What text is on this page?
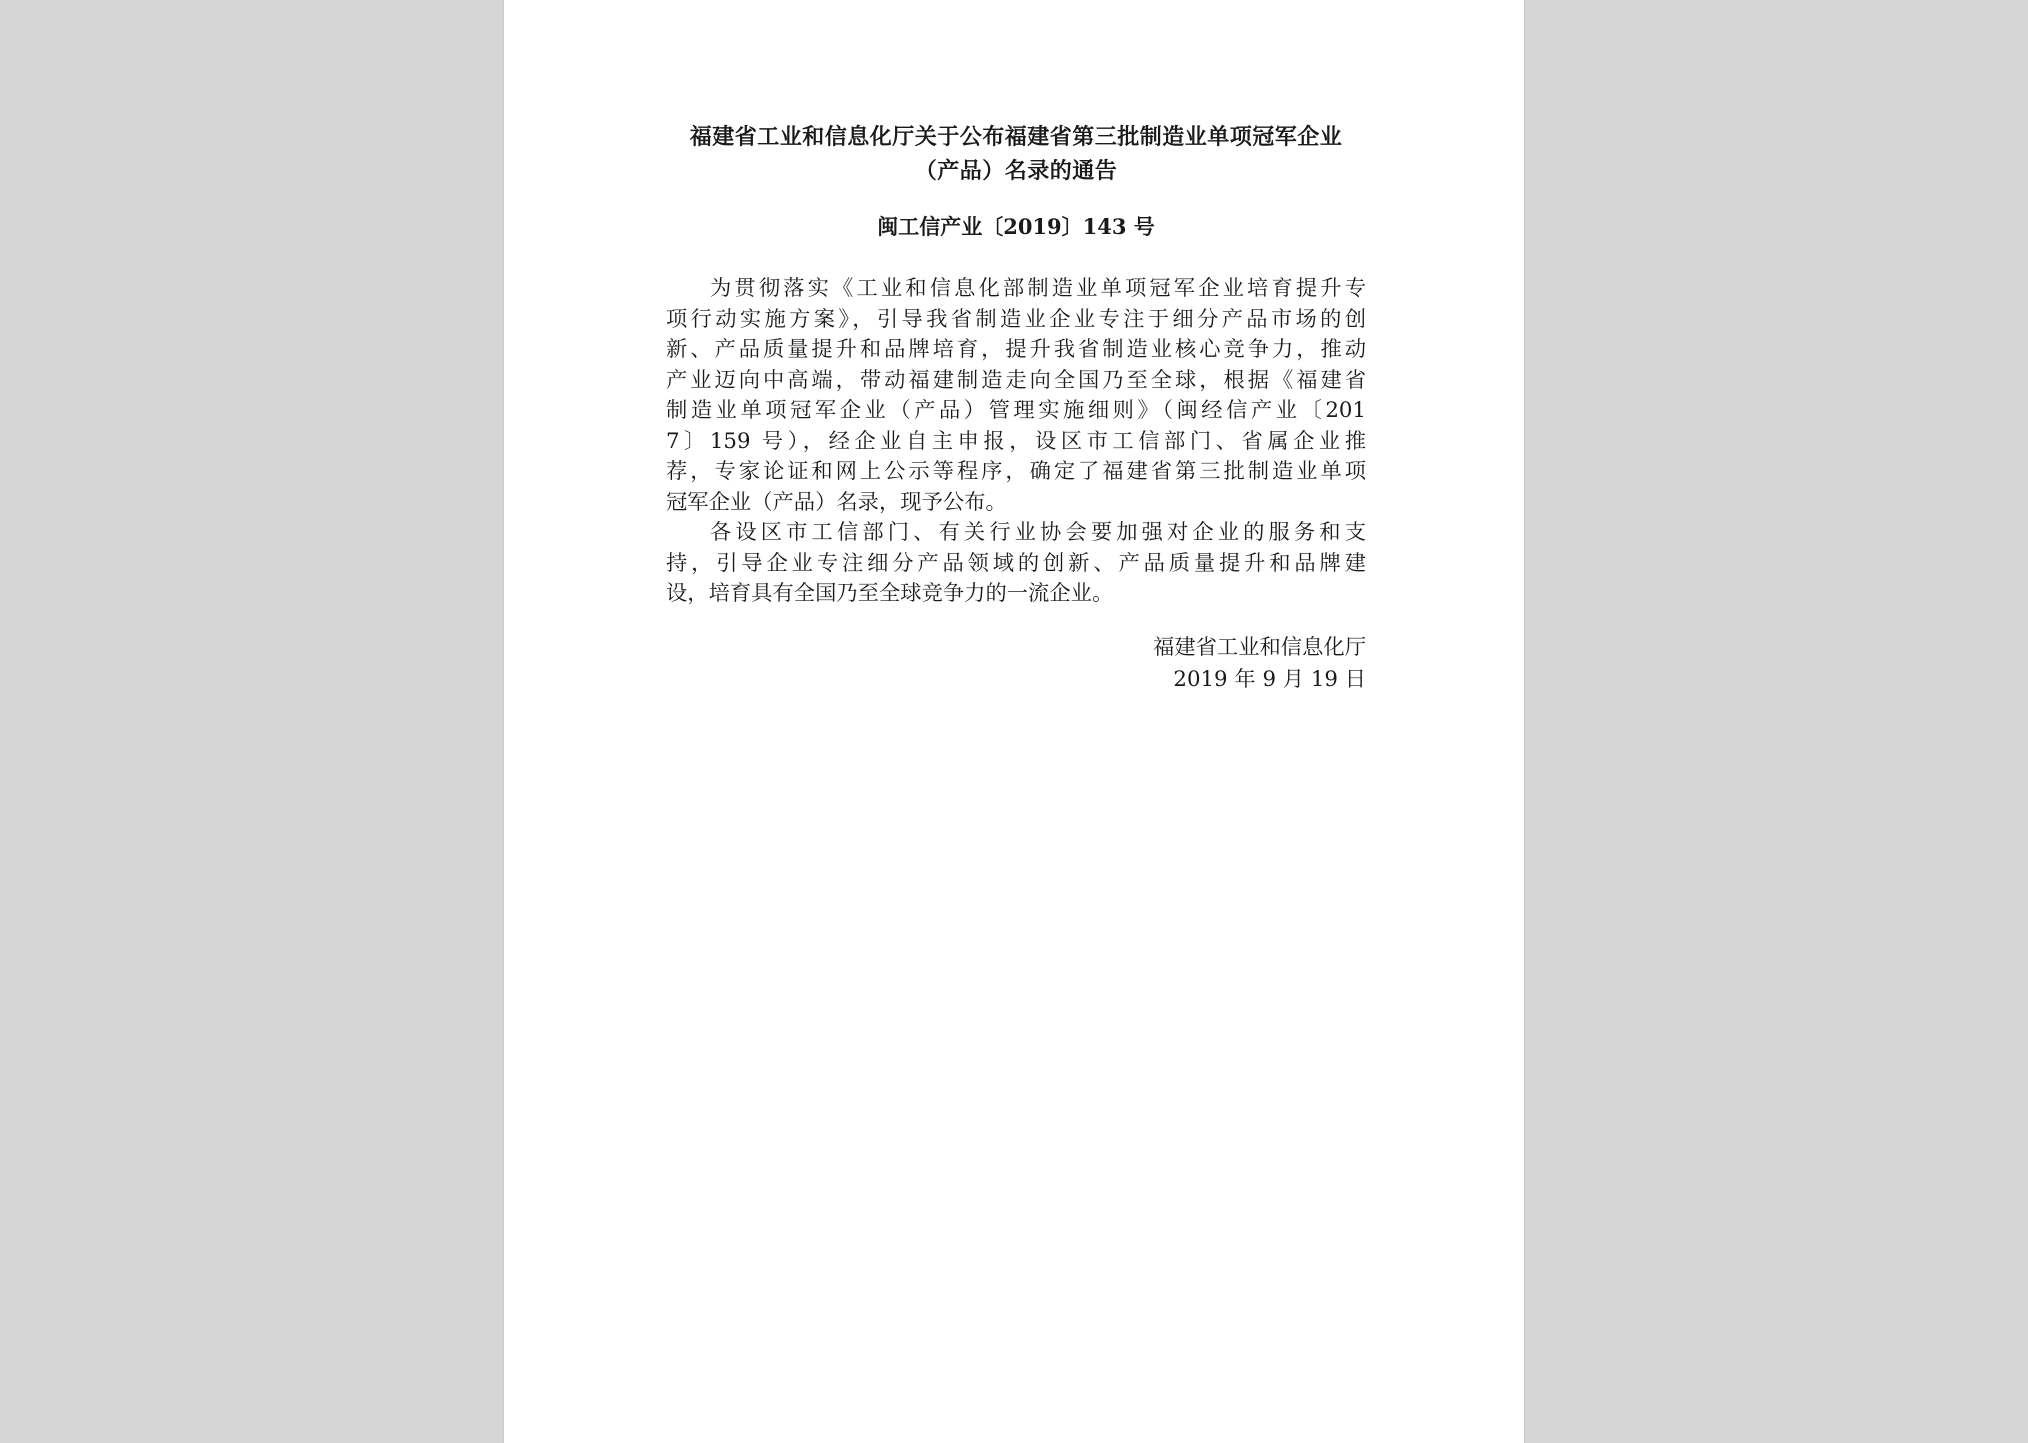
福建省工业和信息化厅关于公布福建省第三批制造业单项冠军企业
（产品）名录的通告
闽工信产业〔2019〕143 号
为贯彻落实《工业和信息化部制造业单项冠军企业培育提升专
项行动实施方案》，引导我省制造业企业专注于细分产品市场的创
新、产品质量提升和品牌培育，提升我省制造业核心竞争力，推动
产业迈向中高端，带动福建制造走向全国乃至全球，根据《福建省
制造业单项冠军企业（产品）管理实施细则》（闽经信产业〔201
7〕159 号），经企业自主申报，设区市工信部门、省属企业推
荐，专家论证和网上公示等程序，确定了福建省第三批制造业单项
冠军企业（产品）名录，现予公布。
各设区市工信部门、有关行业协会要加强对企业的服务和支
持，引导企业专注细分产品领域的创新、产品质量提升和品牌建
设，培育具有全国乃至全球竞争力的一流企业。
福建省工业和信息化厅
2019 年 9 月 19 日
